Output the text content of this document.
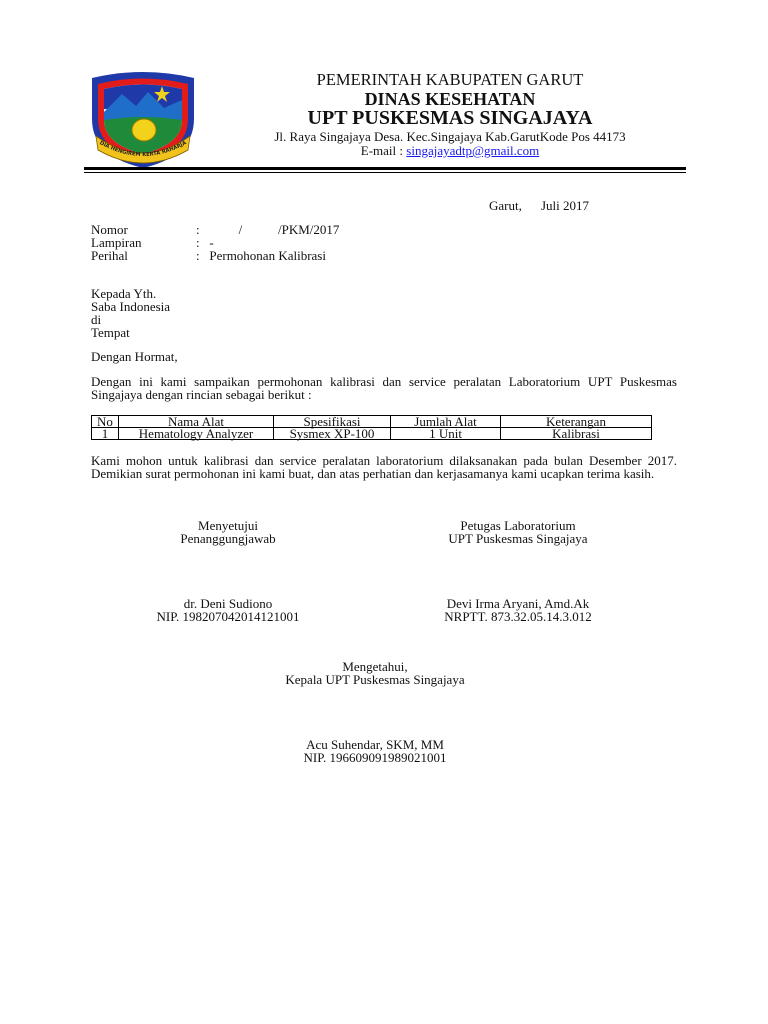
DIA HENGIREM KERTA RAHARJA
PEMERINTAH KABUPATEN GARUT
DINAS KESEHATAN
UPT PUSKESMAS SINGAJAYA
Jl. Raya Singajaya Desa. Kec.Singajaya Kab.GarutKode Pos 44173
E-mail : singajayadtp@gmail.com
Garut, Juli 2017
Nomor	:            /           /PKM/2017
Lampiran	:   -
Perihal	:   Permohonan Kalibrasi
Kepada Yth.
Saba Indonesia
di
Tempat
Dengan Hormat,
Dengan ini kami sampaikan permohonan kalibrasi dan service peralatan Laboratorium UPT Puskesmas Singajaya dengan rincian sebagai berikut :
No	Nama Alat	Spesifikasi	Jumlah Alat	Keterangan
1	Hematology Analyzer	Sysmex XP-100	1 Unit	Kalibrasi
Kami mohon untuk kalibrasi dan service peralatan laboratorium dilaksanakan pada bulan Desember 2017. Demikian surat permohonan ini kami buat, dan atas perhatian dan kerjasamanya kami ucapkan terima kasih.
Menyetujui
Penanggungjawab
dr. Deni Sudiono
NIP. 198207042014121001
Petugas Laboratorium
UPT Puskesmas Singajaya
Devi Irma Aryani, Amd.Ak
NRPTT. 873.32.05.14.3.012
Mengetahui,
Kepala UPT Puskesmas Singajaya
Acu Suhendar, SKM, MM
NIP. 196609091989021001
